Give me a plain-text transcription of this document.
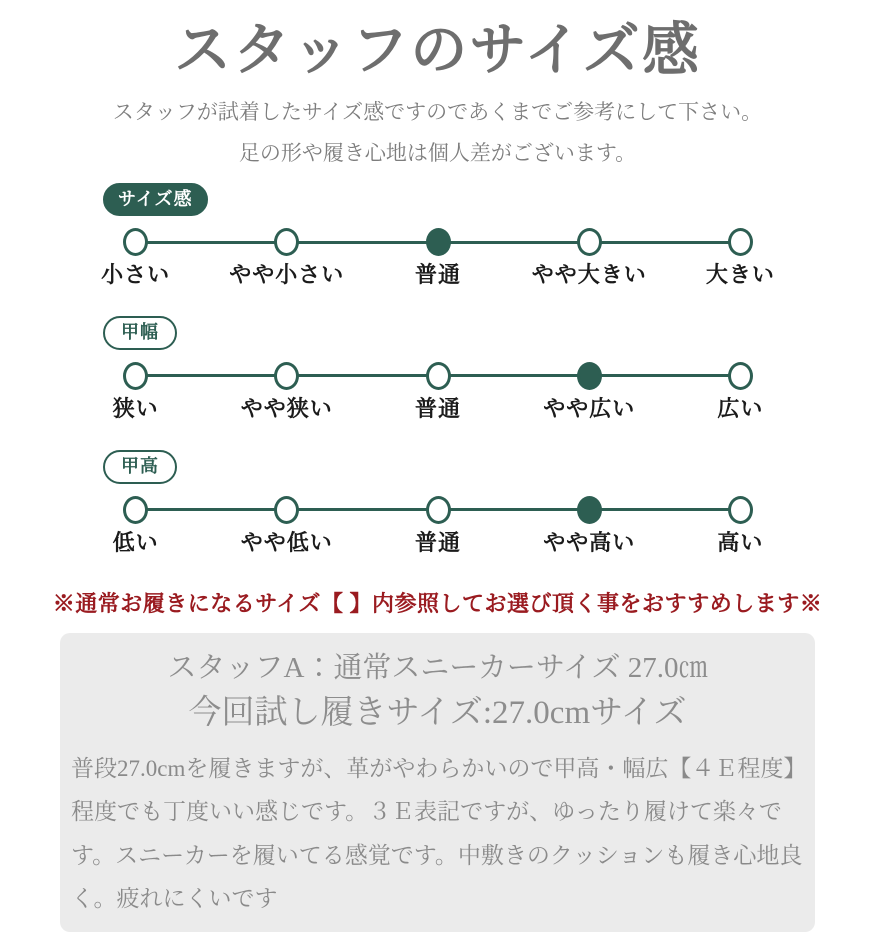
スタッフのサイズ感

スタッフが試着したサイズ感ですのであくまでご参考にして下さい。

足の形や履き心地は個人差がございます。

サイズ感
小さい	やや小さい	普通	やや大きい	大きい
甲幅
狭い	やや狭い	普通	やや広い	広い
甲高
低い	やや低い	普通	やや高い	高い

※通常お履きになるサイズ【 】内参照してお選び頂く事をおすすめします※

スタッフA：通常スニーカーサイズ 27.0㎝

今回試し履きサイズ:27.0cmサイズ

普段27.0cmを履きますが、革がやわらかいので甲高・幅広【４Ｅ程度】程度でも丁度いい感じです。３Ｅ表記ですが、ゆったり履けて楽々です。スニーカーを履いてる感覚です。中敷きのクッションも履き心地良く。疲れにくいです
